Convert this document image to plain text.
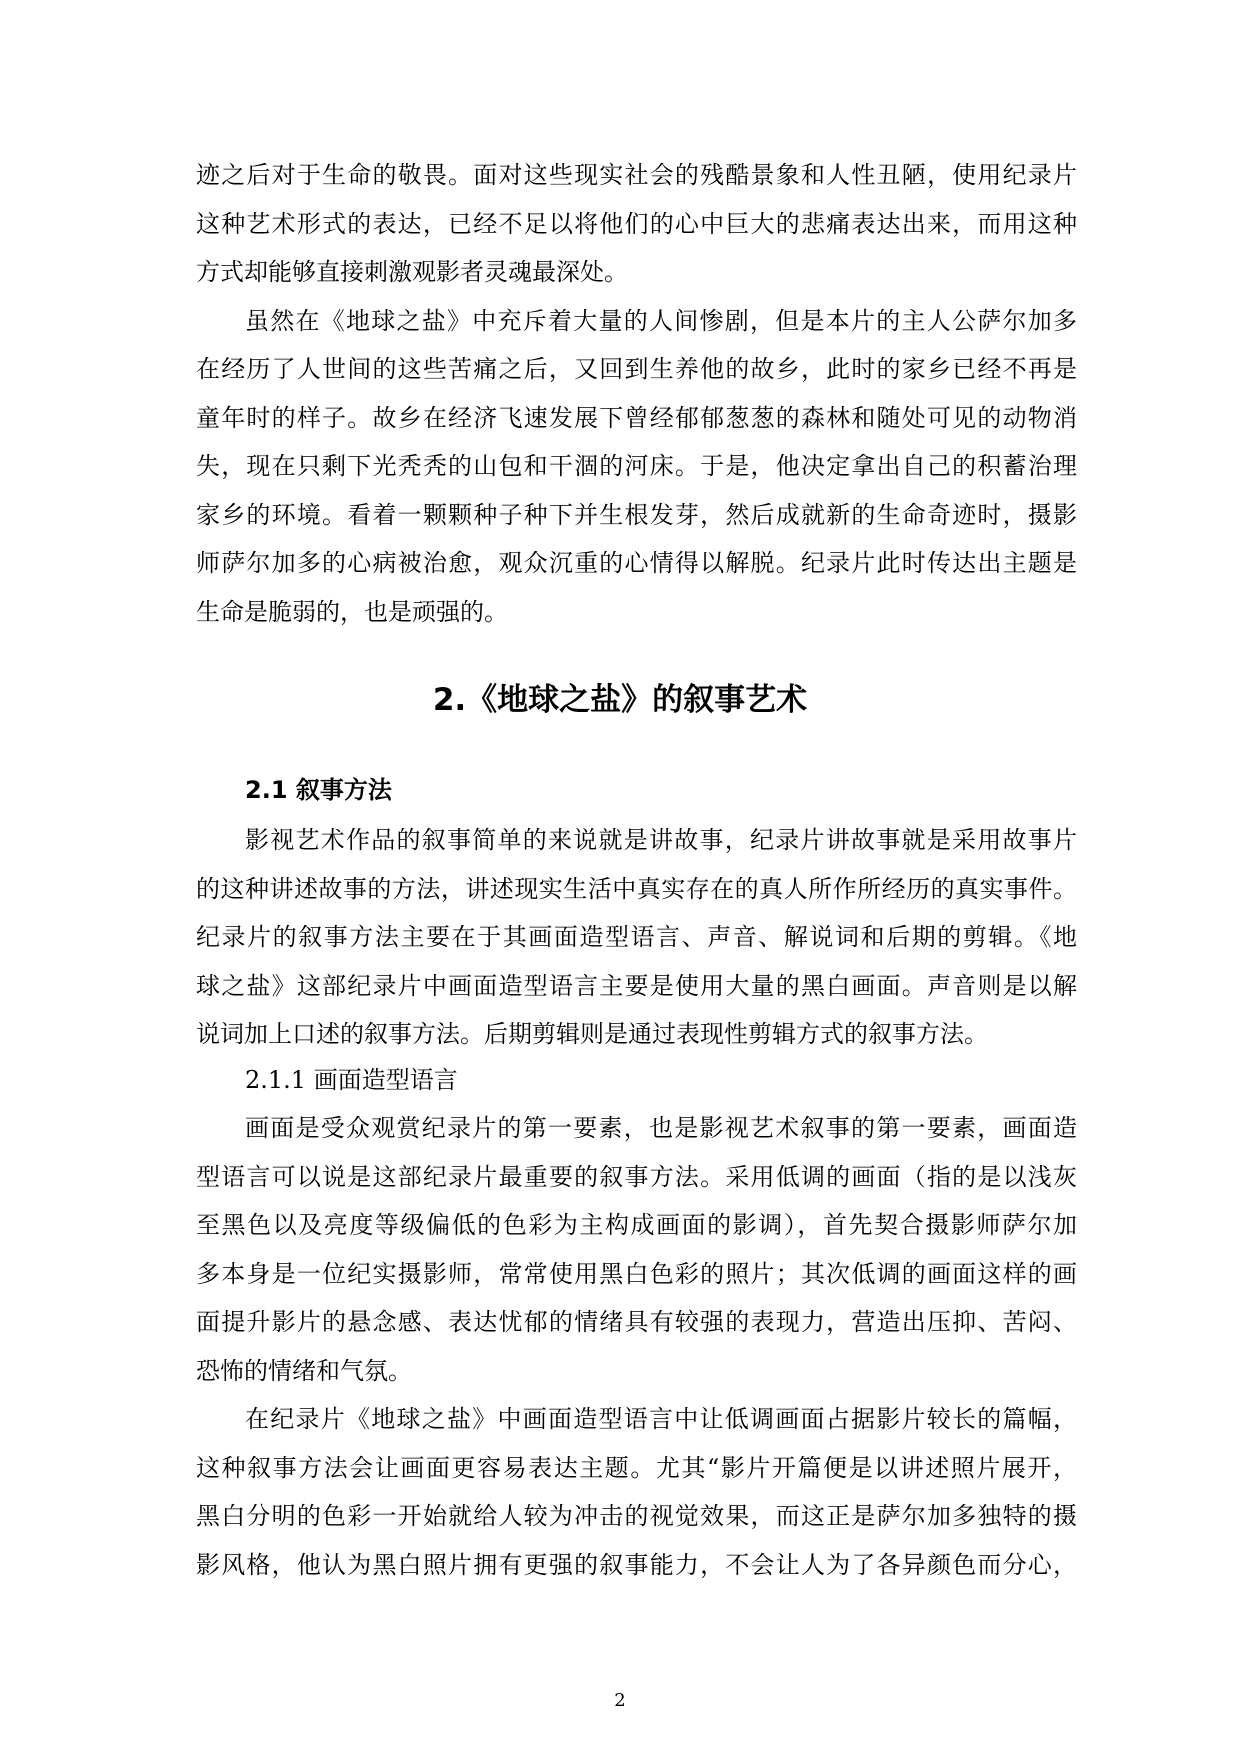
2.《地球之盐》的叙事艺术
2.1 叙事方法
2.1.1 画面造型语言
2
迹之后对于生命的敬畏。面对这些现实社会的残酷景象和人性丑陋，使用纪录片
这种艺术形式的表达，已经不足以将他们的心中巨大的悲痛表达出来，而用这种
方式却能够直接刺激观影者灵魂最深处。
虽然在《地球之盐》中充斥着大量的人间惨剧，但是本片的主人公萨尔加多
在经历了人世间的这些苦痛之后，又回到生养他的故乡，此时的家乡已经不再是
童年时的样子。故乡在经济飞速发展下曾经郁郁葱葱的森林和随处可见的动物消
失，现在只剩下光秃秃的山包和干涸的河床。于是，他决定拿出自己的积蓄治理
家乡的环境。看着一颗颗种子种下并生根发芽，然后成就新的生命奇迹时，摄影
师萨尔加多的心病被治愈，观众沉重的心情得以解脱。纪录片此时传达出主题是
生命是脆弱的，也是顽强的。
影视艺术作品的叙事简单的来说就是讲故事，纪录片讲故事就是采用故事片
的这种讲述故事的方法，讲述现实生活中真实存在的真人所作所经历的真实事件。
纪录片的叙事方法主要在于其画面造型语言、声音、解说词和后期的剪辑。《地
球之盐》这部纪录片中画面造型语言主要是使用大量的黑白画面。声音则是以解
说词加上口述的叙事方法。后期剪辑则是通过表现性剪辑方式的叙事方法。
画面是受众观赏纪录片的第一要素，也是影视艺术叙事的第一要素，画面造
型语言可以说是这部纪录片最重要的叙事方法。采用低调的画面（指的是以浅灰
至黑色以及亮度等级偏低的色彩为主构成画面的影调），首先契合摄影师萨尔加
多本身是一位纪实摄影师，常常使用黑白色彩的照片；其次低调的画面这样的画
面提升影片的悬念感、表达忧郁的情绪具有较强的表现力，营造出压抑、苦闷、
恐怖的情绪和气氛。
在纪录片《地球之盐》中画面造型语言中让低调画面占据影片较长的篇幅，
这种叙事方法会让画面更容易表达主题。尤其“影片开篇便是以讲述照片展开，
黑白分明的色彩一开始就给人较为冲击的视觉效果，而这正是萨尔加多独特的摄
影风格，他认为黑白照片拥有更强的叙事能力，不会让人为了各异颜色而分心，
